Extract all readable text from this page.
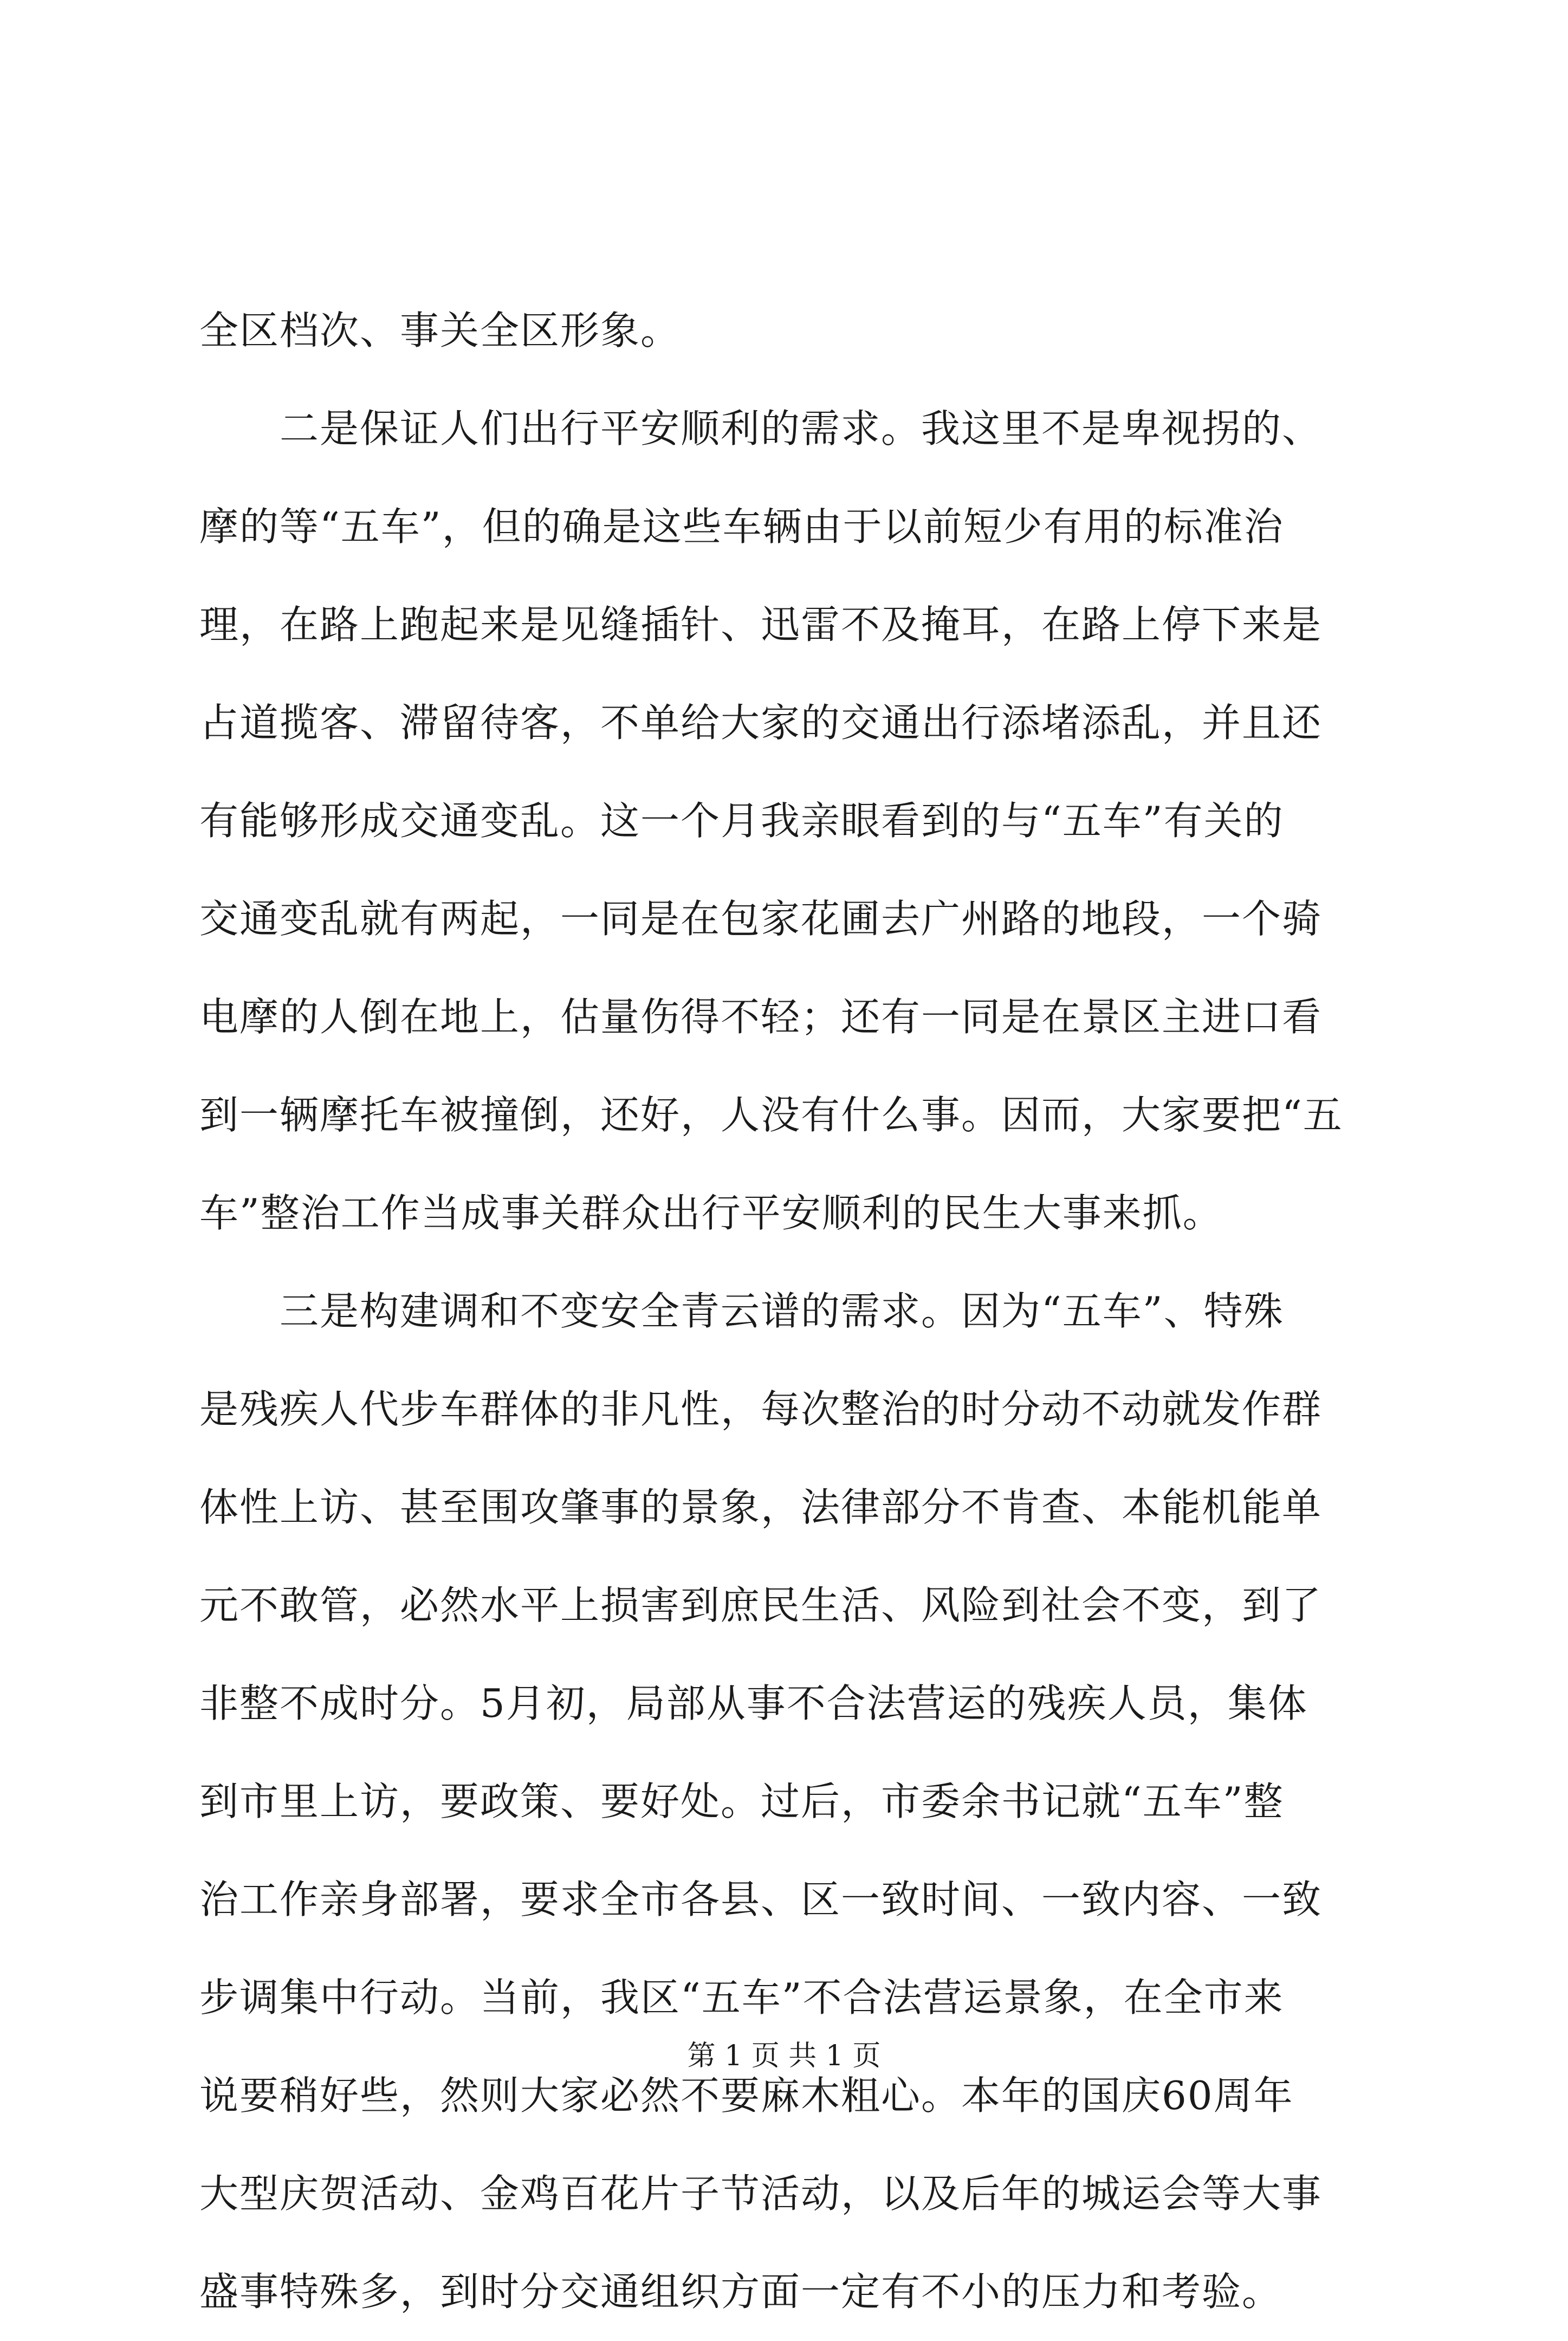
全区档次、事关全区形象。
　　二是保证人们出行平安顺利的需求。我这里不是卑视拐的、
摩的等“五车”，但的确是这些车辆由于以前短少有用的标准治
理，在路上跑起来是见缝插针、迅雷不及掩耳，在路上停下来是
占道揽客、滞留待客，不单给大家的交通出行添堵添乱，并且还
有能够形成交通变乱。这一个月我亲眼看到的与“五车”有关的
交通变乱就有两起，一同是在包家花圃去广州路的地段，一个骑
电摩的人倒在地上，估量伤得不轻；还有一同是在景区主进口看
到一辆摩托车被撞倒，还好，人没有什么事。因而，大家要把“五
车”整治工作当成事关群众出行平安顺利的民生大事来抓。
　　三是构建调和不变安全青云谱的需求。因为“五车”、特殊
是残疾人代步车群体的非凡性，每次整治的时分动不动就发作群
体性上访、甚至围攻肇事的景象，法律部分不肯查、本能机能单
元不敢管，必然水平上损害到庶民生活、风险到社会不变，到了
非整不成时分。5月初，局部从事不合法营运的残疾人员，集体
到市里上访，要政策、要好处。过后，市委余书记就“五车”整
治工作亲身部署，要求全市各县、区一致时间、一致内容、一致
步调集中行动。当前，我区“五车”不合法营运景象，在全市来
说要稍好些，然则大家必然不要麻木粗心。本年的国庆60周年
大型庆贺活动、金鸡百花片子节活动，以及后年的城运会等大事
盛事特殊多，到时分交通组织方面一定有不小的压力和考验。
第 1 页 共 1 页
